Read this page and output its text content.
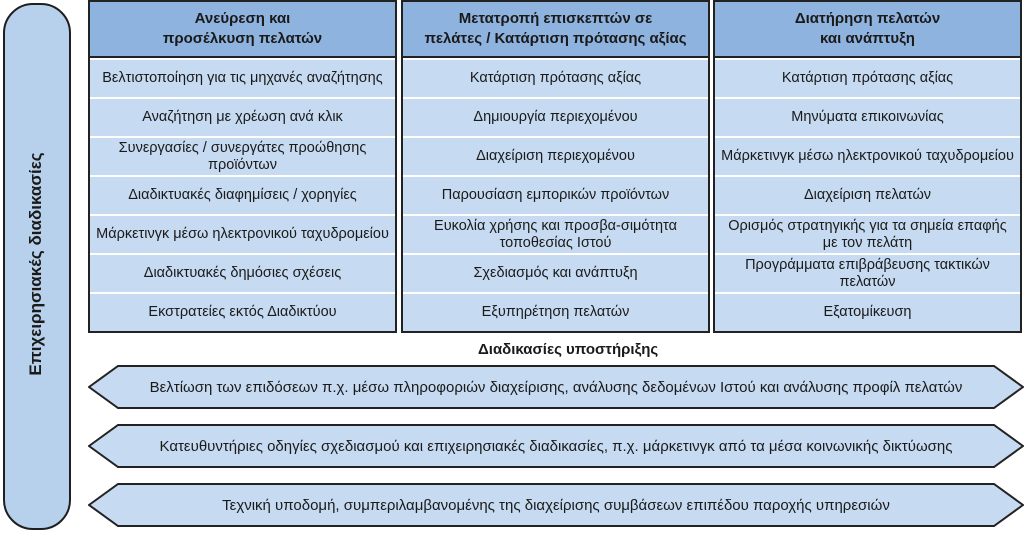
Επιχειρησιακές διαδικασίες
Ανεύρεση και
προσέλκυση πελατών
Βελτιστοποίηση για τις μηχανές αναζήτησης
Αναζήτηση με χρέωση ανά κλικ
Συνεργασίες / συνεργάτες προώθησης προϊόντων
Διαδικτυακές διαφημίσεις / χορηγίες
Μάρκετινγκ μέσω ηλεκτρονικού ταχυδρομείου
Διαδικτυακές δημόσιες σχέσεις
Εκστρατείες εκτός Διαδικτύου
Μετατροπή επισκεπτών σε
πελάτες / Κατάρτιση πρότασης αξίας
Κατάρτιση πρότασης αξίας
Δημιουργία περιεχομένου
Διαχείριση περιεχομένου
Παρουσίαση εμπορικών προϊόντων
Ευκολία χρήσης και προσβα-σιμότητα τοποθεσίας Ιστού
Σχεδιασμός και ανάπτυξη
Εξυπηρέτηση πελατών
Διατήρηση πελατών
και ανάπτυξη
Κατάρτιση πρότασης αξίας
Μηνύματα επικοινωνίας
Μάρκετινγκ μέσω ηλεκτρονικού ταχυδρομείου
Διαχείριση πελατών
Ορισμός στρατηγικής για τα σημεία επαφής με τον πελάτη
Προγράμματα επιβράβευσης τακτικών πελατών
Εξατομίκευση
Διαδικασίες υποστήριξης
Βελτίωση των επιδόσεων π.χ. μέσω πληροφοριών διαχείρισης, ανάλυσης δεδομένων Ιστού και ανάλυσης προφίλ πελατών
Κατευθυντήριες οδηγίες σχεδιασμού και επιχειρησιακές διαδικασίες, π.χ. μάρκετινγκ από τα μέσα κοινωνικής δικτύωσης
Τεχνική υποδομή, συμπεριλαμβανομένης της διαχείρισης συμβάσεων επιπέδου παροχής υπηρεσιών
